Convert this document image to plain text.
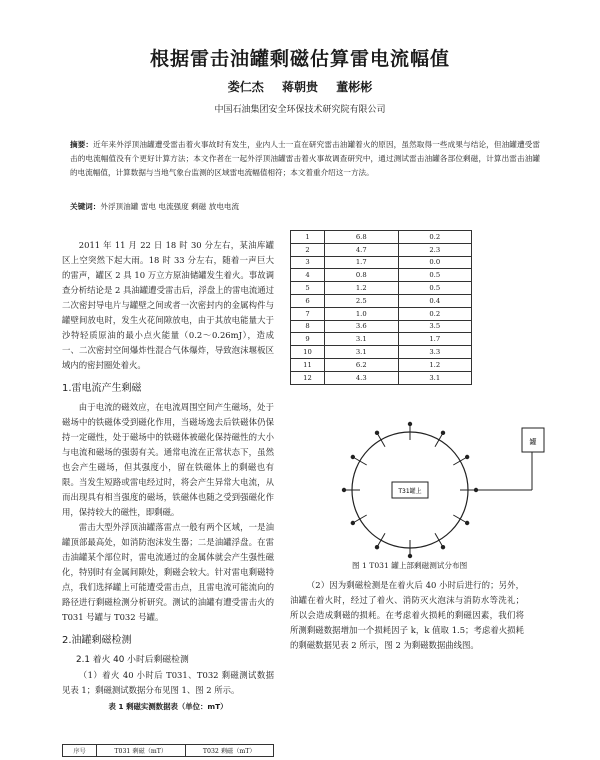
根据雷击油罐剩磁估算雷电流幅值
娄仁杰 蒋朝贵 董彬彬
中国石油集团安全环保技术研究院有限公司
摘要：近年来外浮顶油罐遭受雷击着火事故时有发生，业内人士一直在研究雷击油罐着火的原因，虽然取得一些成果与结论，但油罐遭受雷击的电流幅值没有个更好计算方法；本文作者在一起外浮顶油罐雷击着火事故调查研究中，通过测试雷击油罐各部位剩磁，计算出雷击油罐的电流幅值，计算数据与当地气象台监测的区域雷电流幅值相符；本文着重介绍这一方法。
关键词：外浮顶油罐 雷电 电流强度 剩磁 放电电流

2011 年 11 月 22 日 18 时 30 分左右，某油库罐区上空突然下起大雨。18 时 33 分左右，随着一声巨大的雷声，罐区 2 具 10 万立方原油储罐发生着火。事故调查分析结论是 2 具油罐遭受雷击后，浮盘上的雷电流通过二次密封导电片与罐壁之间或者一次密封内的金属构件与罐壁间放电时，发生火花间隙放电，由于其放电能量大于沙特轻质原油的最小点火能量（0.2～0.26mJ），造成一、二次密封空间爆炸性混合气体爆炸，导致泡沫堰板区域内的密封圈处着火。

1.雷电流产生剩磁

由于电流的磁效应，在电流周围空间产生磁场，处于磁场中的铁磁体受到磁化作用，当磁场逸去后铁磁体仍保持一定磁性，处于磁场中的铁磁体被磁化保持磁性的大小与电流和磁场的强弱有关。通常电流在正常状态下，虽然也会产生磁场，但其强度小，留在铁磁体上的剩磁也有限。当发生短路或雷电经过时，将会产生异常大电流，从而出现具有相当强度的磁场，铁磁体也随之受到强磁化作用，保持较大的磁性，即剩磁。

雷击大型外浮顶油罐落雷点一般有两个区域，一是油罐顶部最高处，如消防泡沫发生器；二是油罐浮盘。在雷击油罐某个部位时，雷电流通过的金属体就会产生强性磁化，特别时有金属间隙处，剩磁会较大。针对雷电剩磁特点，我们选择罐上可能遭受雷击点，且雷电流可能流向的路径进行剩磁检测分析研究。测试的油罐有遭受雷击火的 T031 号罐与 T032 号罐。

2.油罐剩磁检测
2.1 着火 40 小时后剩磁检测

（1）着火 40 小时后 T031、T032 剩磁测试数据见表 1；剩磁测试数据分布见图 1、图 2 所示。

表 1 剩磁实测数据表（单位：mT）
序号	T031 剩磁（mT）	T032 剩磁（mT）
1	6.8	0.2
2	4.7	2.3
3	1.7	0.0
4	0.8	0.5
5	1.2	0.5
6	2.5	0.4
7	1.0	0.2
8	3.6	3.5
9	3.1	1.7
10	3.1	3.3
11	6.2	1.2
12	4.3	3.1
T31罐上
罐
图 1 T031 罐上部剩磁测试分布图

（2）因为剩磁检测是在着火后 40 小时后进行的；另外，油罐在着火时，经过了着火、消防灭火泡沫与消防水等洗礼；所以会造成剩磁的损耗。在考虑着火损耗的剩磁因素，我们将所测剩磁数据增加一个损耗因子 k，k 值取 1.5；考虑着火损耗的剩磁数据见表 2 所示，图 2 为剩磁数据曲线图。
